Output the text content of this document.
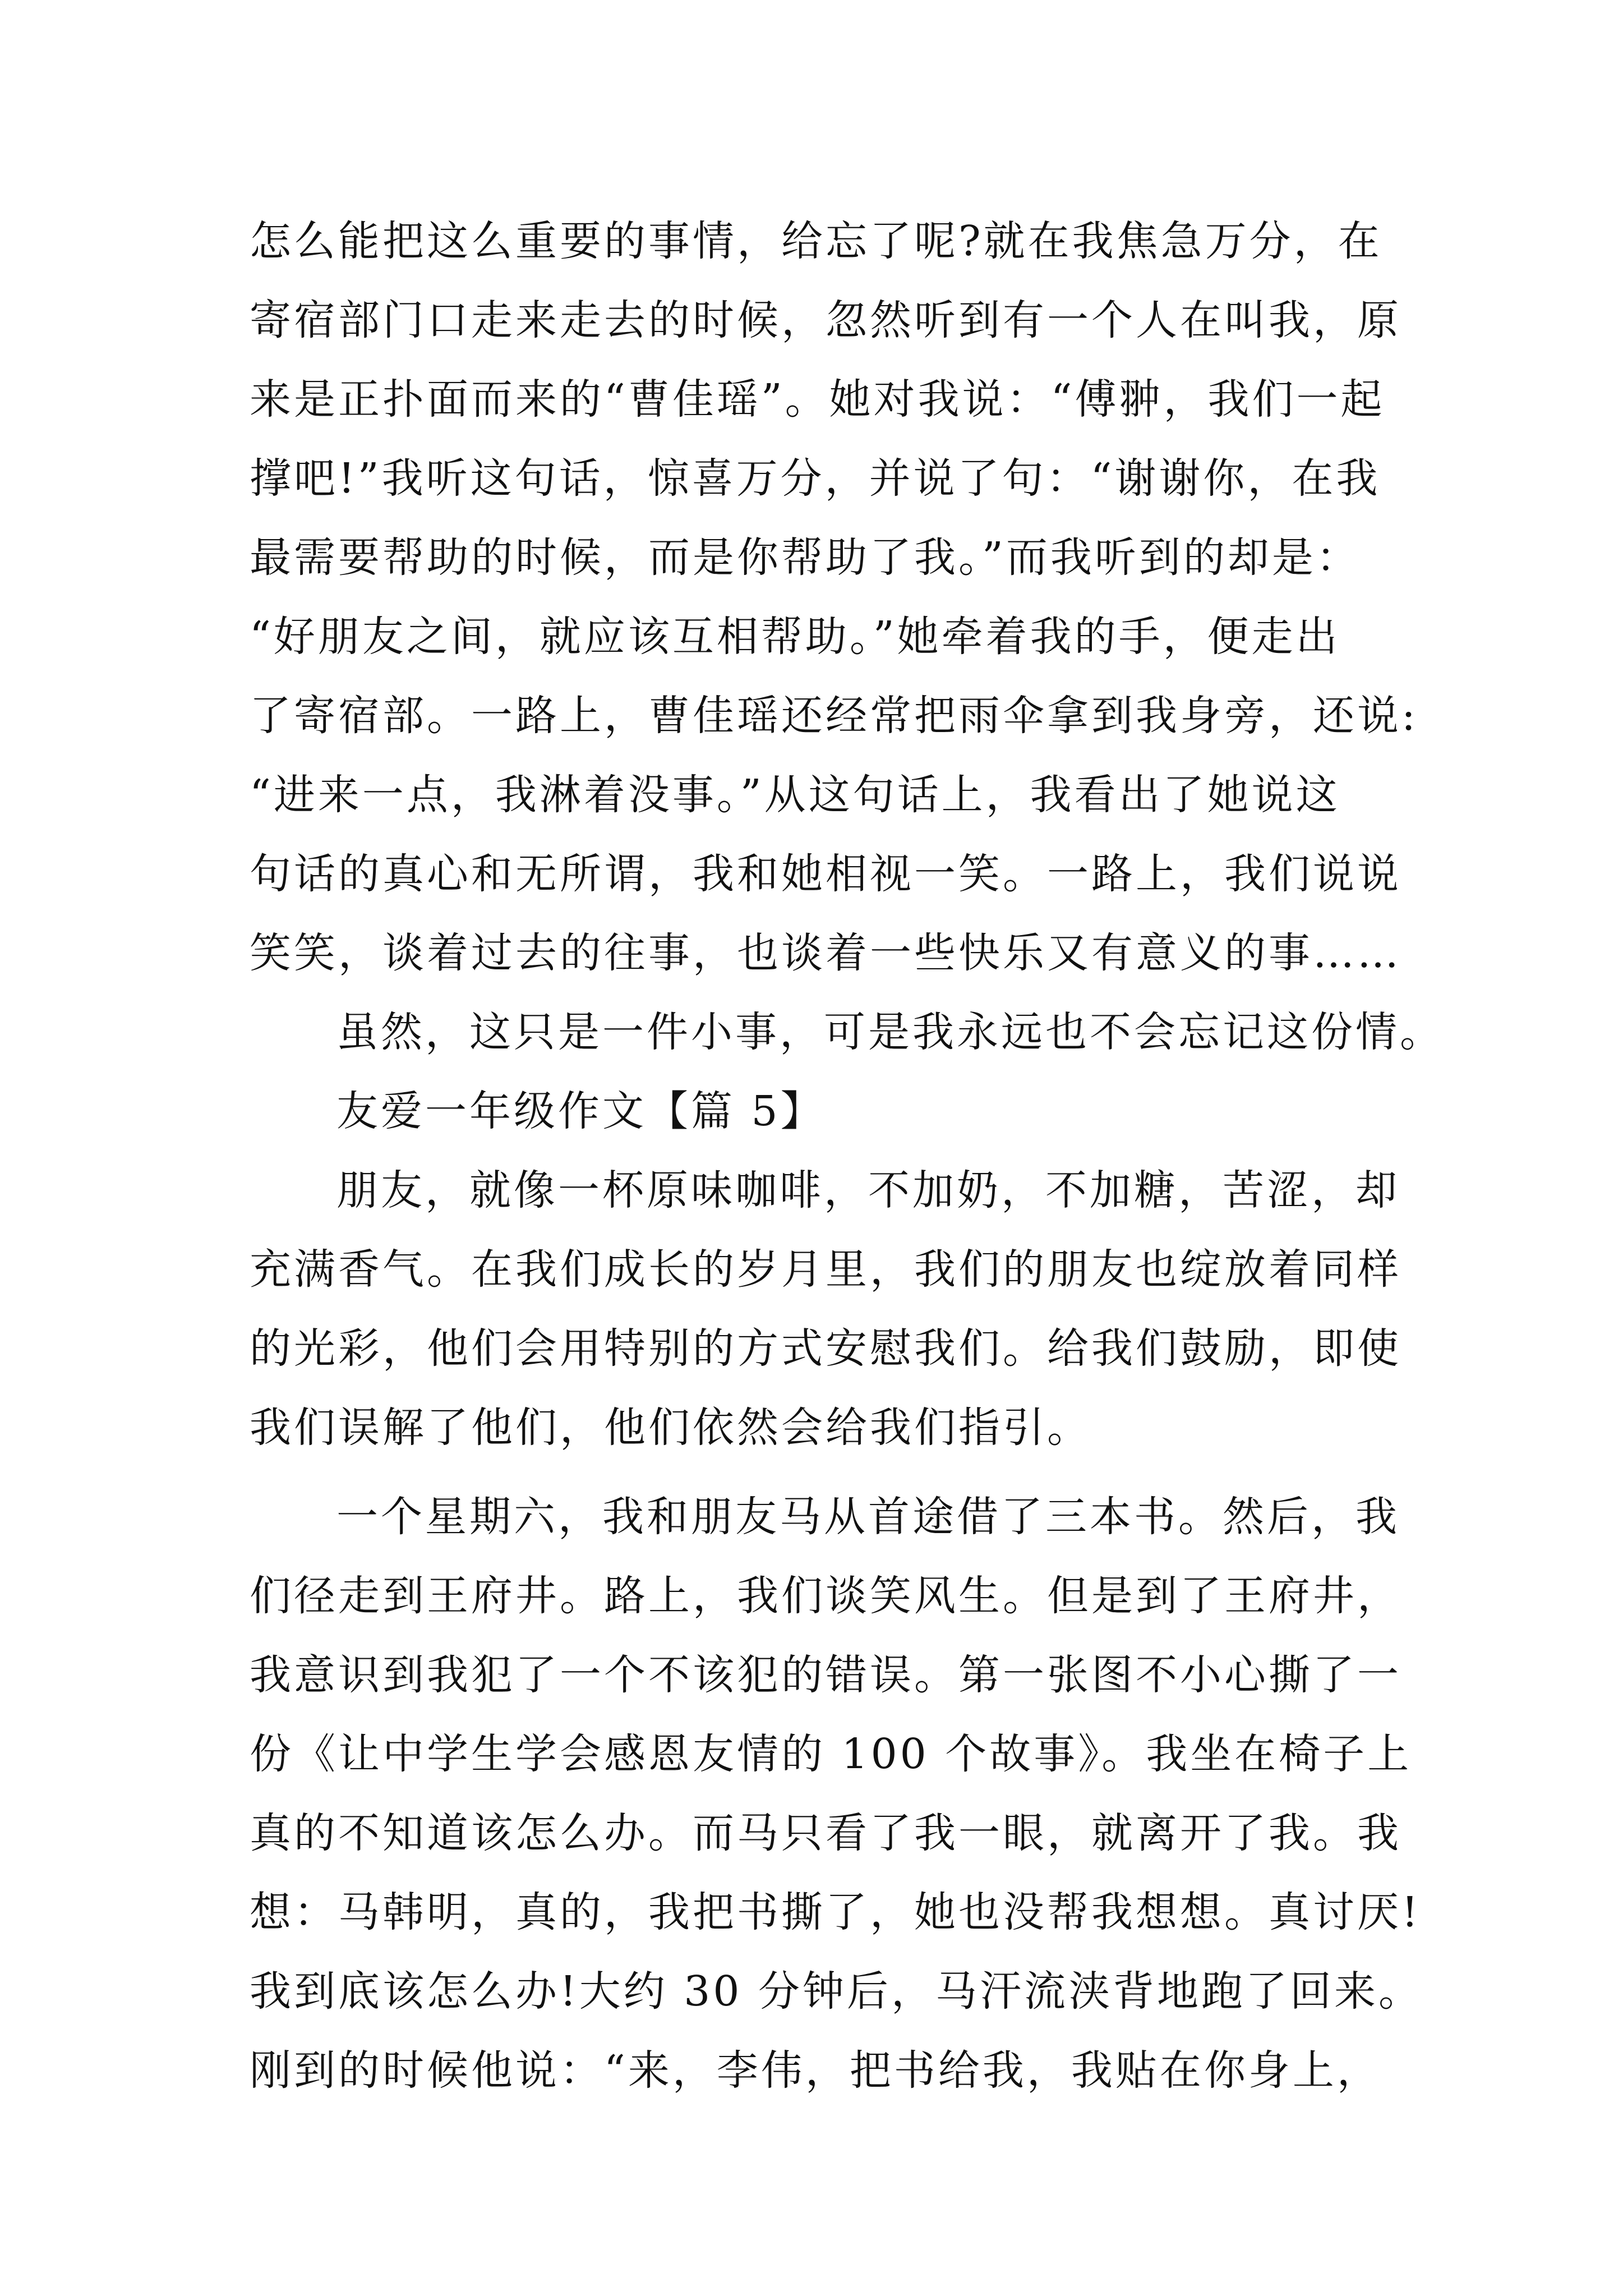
怎么能把这么重要的事情，给忘了呢?就在我焦急万分，在
寄宿部门口走来走去的时候，忽然听到有一个人在叫我，原
来是正扑面而来的“曹佳瑶”。她对我说：“傅翀，我们一起
撑吧!”我听这句话，惊喜万分，并说了句：“谢谢你，在我
最需要帮助的时候，而是你帮助了我。”而我听到的却是：
“好朋友之间，就应该互相帮助。”她牵着我的手，便走出
了寄宿部。一路上，曹佳瑶还经常把雨伞拿到我身旁，还说:
“进来一点，我淋着没事。”从这句话上，我看出了她说这
句话的真心和无所谓，我和她相视一笑。一路上，我们说说
笑笑，谈着过去的往事，也谈着一些快乐又有意义的事……
虽然，这只是一件小事，可是我永远也不会忘记这份情。
友爱一年级作文【篇 5】
朋友，就像一杯原味咖啡，不加奶，不加糖，苦涩，却
充满香气。在我们成长的岁月里，我们的朋友也绽放着同样
的光彩，他们会用特别的方式安慰我们。给我们鼓励，即使
我们误解了他们，他们依然会给我们指引。
一个星期六，我和朋友马从首途借了三本书。然后，我
们径走到王府井。路上，我们谈笑风生。但是到了王府井，
我意识到我犯了一个不该犯的错误。第一张图不小心撕了一
份《让中学生学会感恩友情的 100 个故事》。我坐在椅子上
真的不知道该怎么办。而马只看了我一眼，就离开了我。我
想：马韩明，真的，我把书撕了，她也没帮我想想。真讨厌!
我到底该怎么办!大约 30 分钟后，马汗流浃背地跑了回来。
刚到的时候他说：“来，李伟，把书给我，我贴在你身上，
